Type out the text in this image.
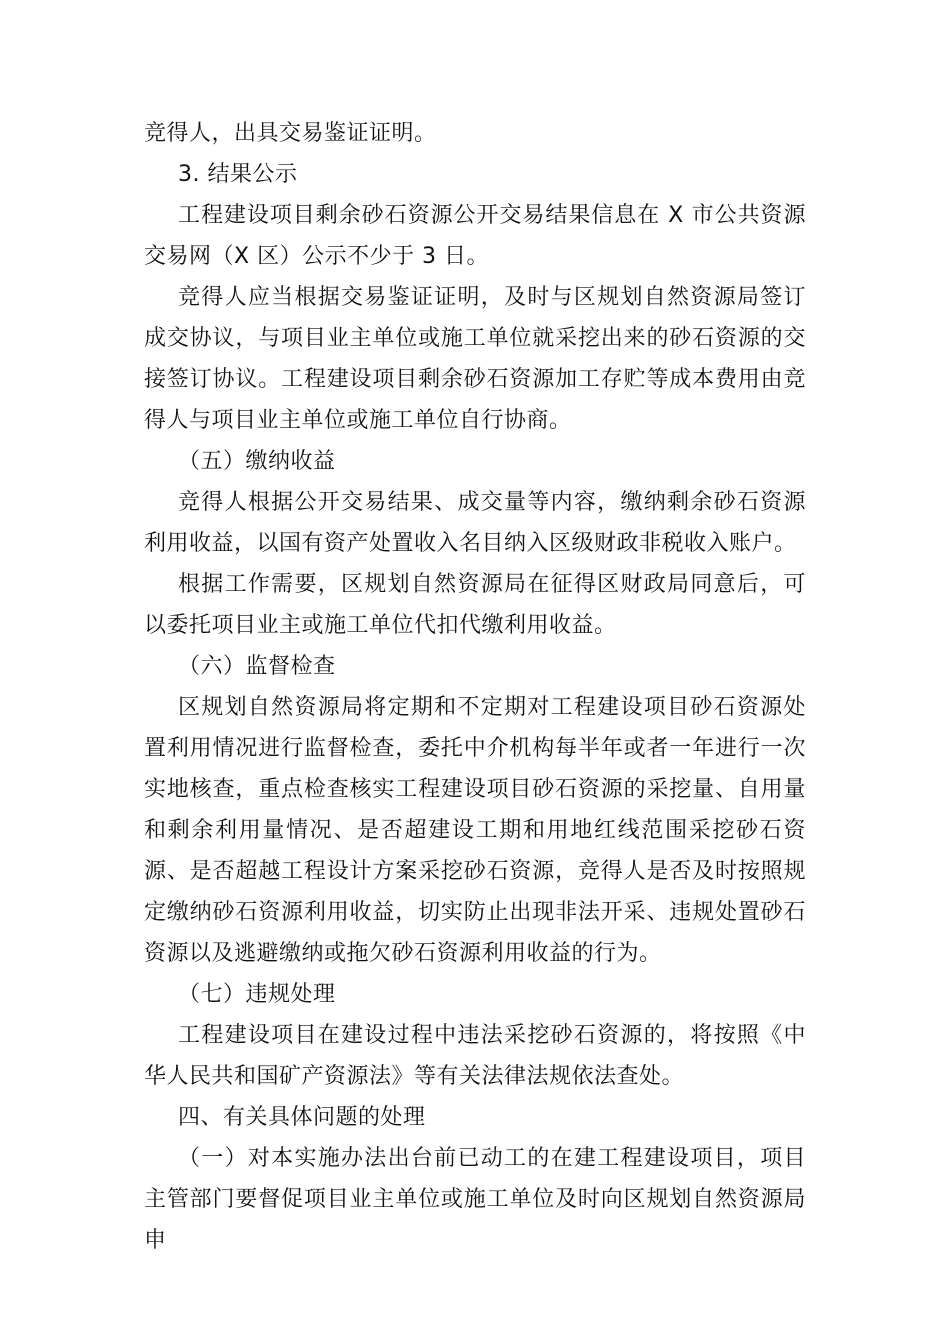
竞得人，出具交易鉴证证明。

3. 结果公示

工程建设项目剩余砂石资源公开交易结果信息在 X 市公共资源交易网（X 区）公示不少于 3 日。

竞得人应当根据交易鉴证证明，及时与区规划自然资源局签订成交协议，与项目业主单位或施工单位就采挖出来的砂石资源的交接签订协议。工程建设项目剩余砂石资源加工存贮等成本费用由竞得人与项目业主单位或施工单位自行协商。

（五）缴纳收益

竞得人根据公开交易结果、成交量等内容，缴纳剩余砂石资源利用收益，以国有资产处置收入名目纳入区级财政非税收入账户。

根据工作需要，区规划自然资源局在征得区财政局同意后，可以委托项目业主或施工单位代扣代缴利用收益。

（六）监督检查

区规划自然资源局将定期和不定期对工程建设项目砂石资源处置利用情况进行监督检查，委托中介机构每半年或者一年进行一次实地核查，重点检查核实工程建设项目砂石资源的采挖量、自用量和剩余利用量情况、是否超建设工期和用地红线范围采挖砂石资源、是否超越工程设计方案采挖砂石资源，竞得人是否及时按照规定缴纳砂石资源利用收益，切实防止出现非法开采、违规处置砂石资源以及逃避缴纳或拖欠砂石资源利用收益的行为。

（七）违规处理

工程建设项目在建设过程中违法采挖砂石资源的，将按照《中华人民共和国矿产资源法》等有关法律法规依法查处。

四、有关具体问题的处理

（一）对本实施办法出台前已动工的在建工程建设项目，项目主管部门要督促项目业主单位或施工单位及时向区规划自然资源局申
